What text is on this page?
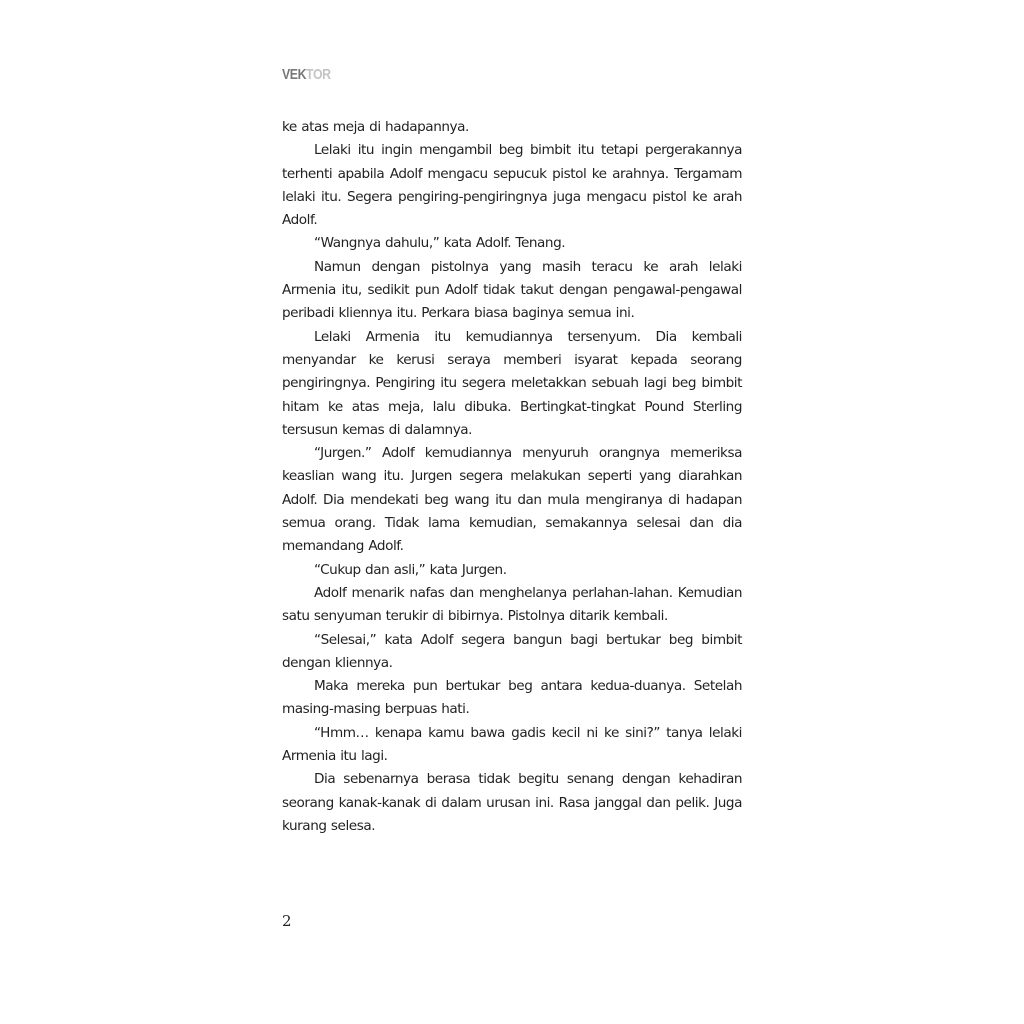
VEKTOR

ke atas meja di hadapannya.

Lelaki itu ingin mengambil beg bimbit itu tetapi pergerakannya terhenti apabila Adolf mengacu sepucuk pistol ke arahnya. Tergamam lelaki itu. Segera pengiring-pengiringnya juga mengacu pistol ke arah Adolf.

“Wangnya dahulu,” kata Adolf. Tenang.

Namun dengan pistolnya yang masih teracu ke arah lelaki Armenia itu, sedikit pun Adolf tidak takut dengan pengawal-pengawal peribadi kliennya itu. Perkara biasa baginya semua ini.

Lelaki Armenia itu kemudiannya tersenyum. Dia kembali menyandar ke kerusi seraya memberi isyarat kepada seorang pengiringnya. Pengiring itu segera meletakkan sebuah lagi beg bimbit hitam ke atas meja, lalu dibuka. Bertingkat-tingkat Pound Sterling tersusun kemas di dalamnya.

“Jurgen.” Adolf kemudiannya menyuruh orangnya memeriksa keaslian wang itu. Jurgen segera melakukan seperti yang diarahkan Adolf. Dia mendekati beg wang itu dan mula mengiranya di hadapan semua orang. Tidak lama kemudian, semakannya selesai dan dia memandang Adolf.

“Cukup dan asli,” kata Jurgen.

Adolf menarik nafas dan menghelanya perlahan-lahan. Kemudian satu senyuman terukir di bibirnya. Pistolnya ditarik kembali.

“Selesai,” kata Adolf segera bangun bagi bertukar beg bimbit dengan kliennya.

Maka mereka pun bertukar beg antara kedua-duanya. Setelah masing-masing berpuas hati.

“Hmm… kenapa kamu bawa gadis kecil ni ke sini?” tanya lelaki Armenia itu lagi.

Dia sebenarnya berasa tidak begitu senang dengan kehadiran seorang kanak-kanak di dalam urusan ini. Rasa janggal dan pelik. Juga kurang selesa.

2
